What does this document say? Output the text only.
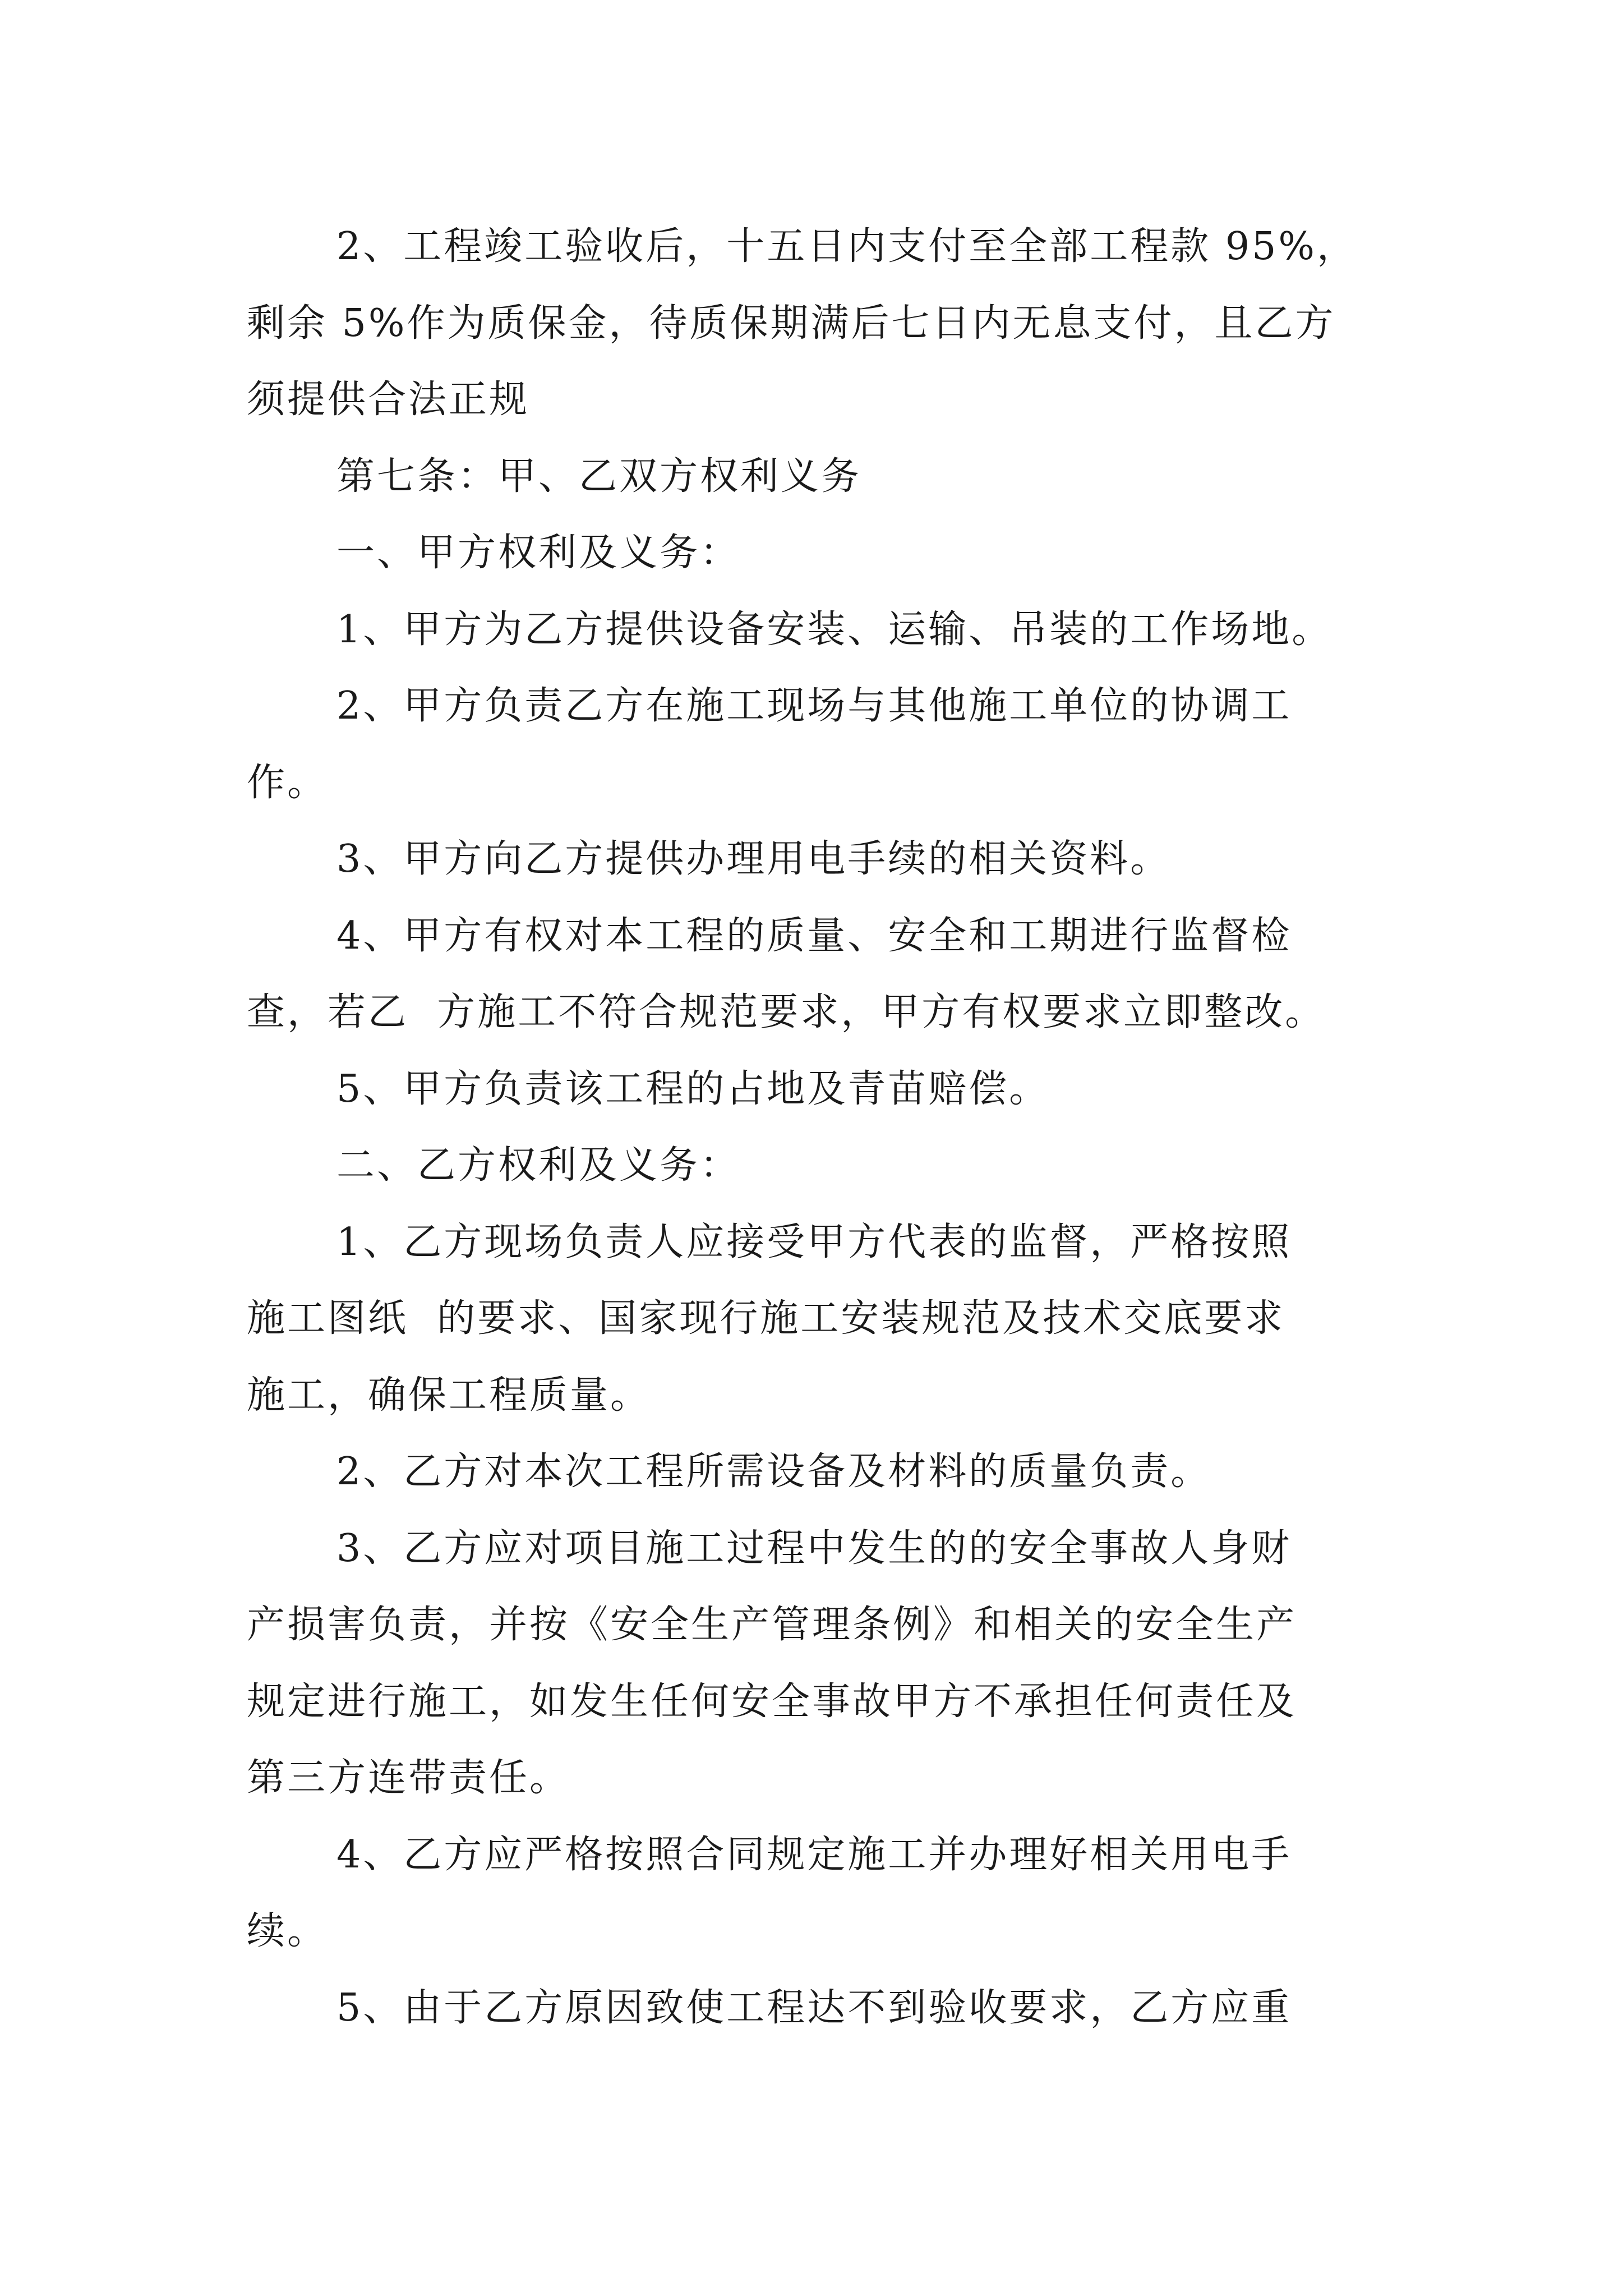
2、工程竣工验收后，十五日内支付至全部工程款 95%，
剩余 5%作为质保金，待质保期满后七日内无息支付，且乙方
须提供合法正规
第七条：甲、乙双方权利义务
一、甲方权利及义务：
1、甲方为乙方提供设备安装、运输、吊装的工作场地。
2、甲方负责乙方在施工现场与其他施工单位的协调工
作。
3、甲方向乙方提供办理用电手续的相关资料。
4、甲方有权对本工程的质量、安全和工期进行监督检
查，若乙  方施工不符合规范要求，甲方有权要求立即整改。
5、甲方负责该工程的占地及青苗赔偿。
二、乙方权利及义务：
1、乙方现场负责人应接受甲方代表的监督，严格按照
施工图纸  的要求、国家现行施工安装规范及技术交底要求
施工，确保工程质量。
2、乙方对本次工程所需设备及材料的质量负责。
3、乙方应对项目施工过程中发生的的安全事故人身财
产损害负责，并按《安全生产管理条例》和相关的安全生产
规定进行施工，如发生任何安全事故甲方不承担任何责任及
第三方连带责任。
4、乙方应严格按照合同规定施工并办理好相关用电手
续。
5、由于乙方原因致使工程达不到验收要求，乙方应重
